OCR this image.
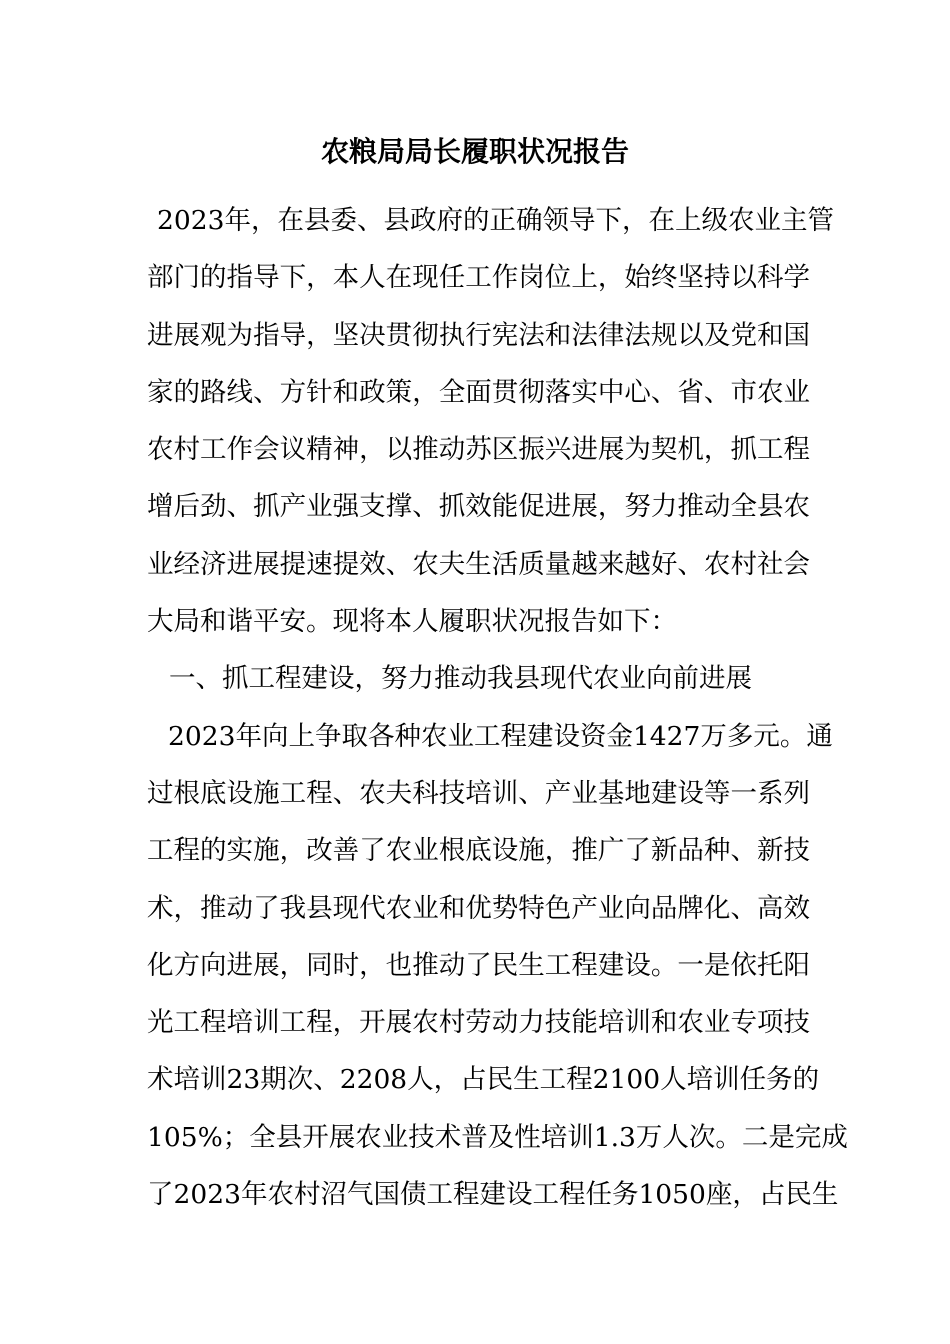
农粮局局长履职状况报告
2023年，在县委、县政府的正确领导下，在上级农业主管
部门的指导下，本人在现任工作岗位上，始终坚持以科学
进展观为指导，坚决贯彻执行宪法和法律法规以及党和国
家的路线、方针和政策，全面贯彻落实中心、省、市农业
农村工作会议精神，以推动苏区振兴进展为契机，抓工程
增后劲、抓产业强支撑、抓效能促进展，努力推动全县农
业经济进展提速提效、农夫生活质量越来越好、农村社会
大局和谐平安。现将本人履职状况报告如下：
一、抓工程建设，努力推动我县现代农业向前进展
2023年向上争取各种农业工程建设资金1427万多元。通
过根底设施工程、农夫科技培训、产业基地建设等一系列
工程的实施，改善了农业根底设施，推广了新品种、新技
术，推动了我县现代农业和优势特色产业向品牌化、高效
化方向进展，同时，也推动了民生工程建设。一是依托阳
光工程培训工程，开展农村劳动力技能培训和农业专项技
术培训23期次、2208人，占民生工程2100人培训任务的
105%；全县开展农业技术普及性培训1.3万人次。二是完成
了2023年农村沼气国债工程建设工程任务1050座，占民生
